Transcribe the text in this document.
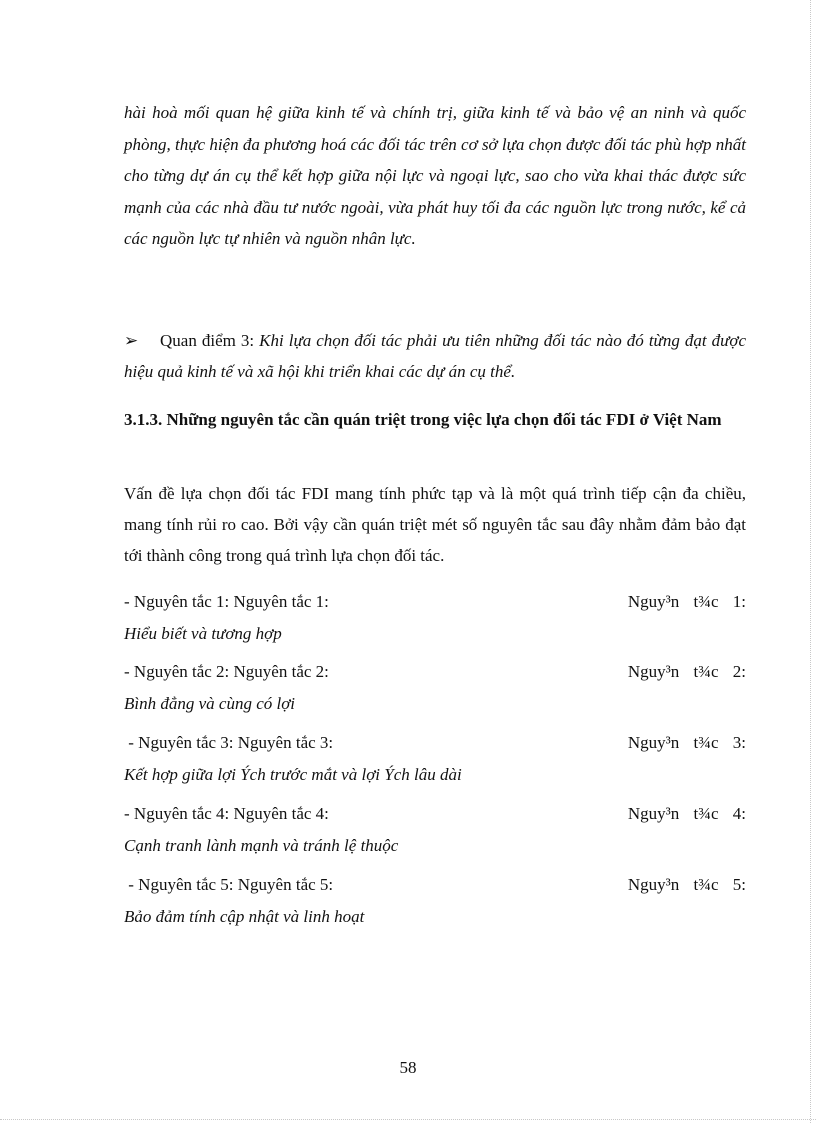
hài hoà mối quan hệ giữa kinh tế và chính trị, giữa kinh tế và bảo vệ an ninh và quốc phòng, thực hiện đa phương hoá các đối tác trên cơ sở lựa chọn được đối tác phù hợp nhất cho từng dự án cụ thể kết hợp giữa nội lực và ngoại lực, sao cho vừa khai thác được sức mạnh của các nhà đầu tư nước ngoài, vừa phát huy tối đa các nguồn lực trong nước, kể cả các nguồn lực tự nhiên và nguồn nhân lực.

➢ Quan điểm 3: Khi lựa chọn đối tác phải ưu tiên những đối tác nào đó từng đạt được hiệu quả kinh tế và xã hội khi triển khai các dự án cụ thể.
3.1.3. Những nguyên tắc cần quán triệt trong việc lựa chọn đối tác FDI ở Việt Nam
Vấn đề lựa chọn đối tác FDI mang tính phức tạp và là một quá trình tiếp cận đa chiều, mang tính rủi ro cao. Bởi vậy cần quán triệt mét số nguyên tắc sau đây nhằm đảm bảo đạt tới thành công trong quá trình lựa chọn đối tác.
- Nguyên tắc 1: Nguyên tắc 1:	Nguy³n t¾c 1:
Hiểu biết và tương hợp
- Nguyên tắc 2: Nguyên tắc 2:	Nguy³n t¾c 2:
Bình đẳng và cùng có lợi
- Nguyên tắc 3: Nguyên tắc 3:	Nguy³n t¾c 3:
Kết hợp giữa lợi Ých trước mắt và lợi Ých lâu dài
- Nguyên tắc 4: Nguyên tắc 4:	Nguy³n t¾c 4:
Cạnh tranh lành mạnh và tránh lệ thuộc
- Nguyên tắc 5: Nguyên tắc 5:	Nguy³n t¾c 5:
Bảo đảm tính cập nhật và linh hoạt
58
